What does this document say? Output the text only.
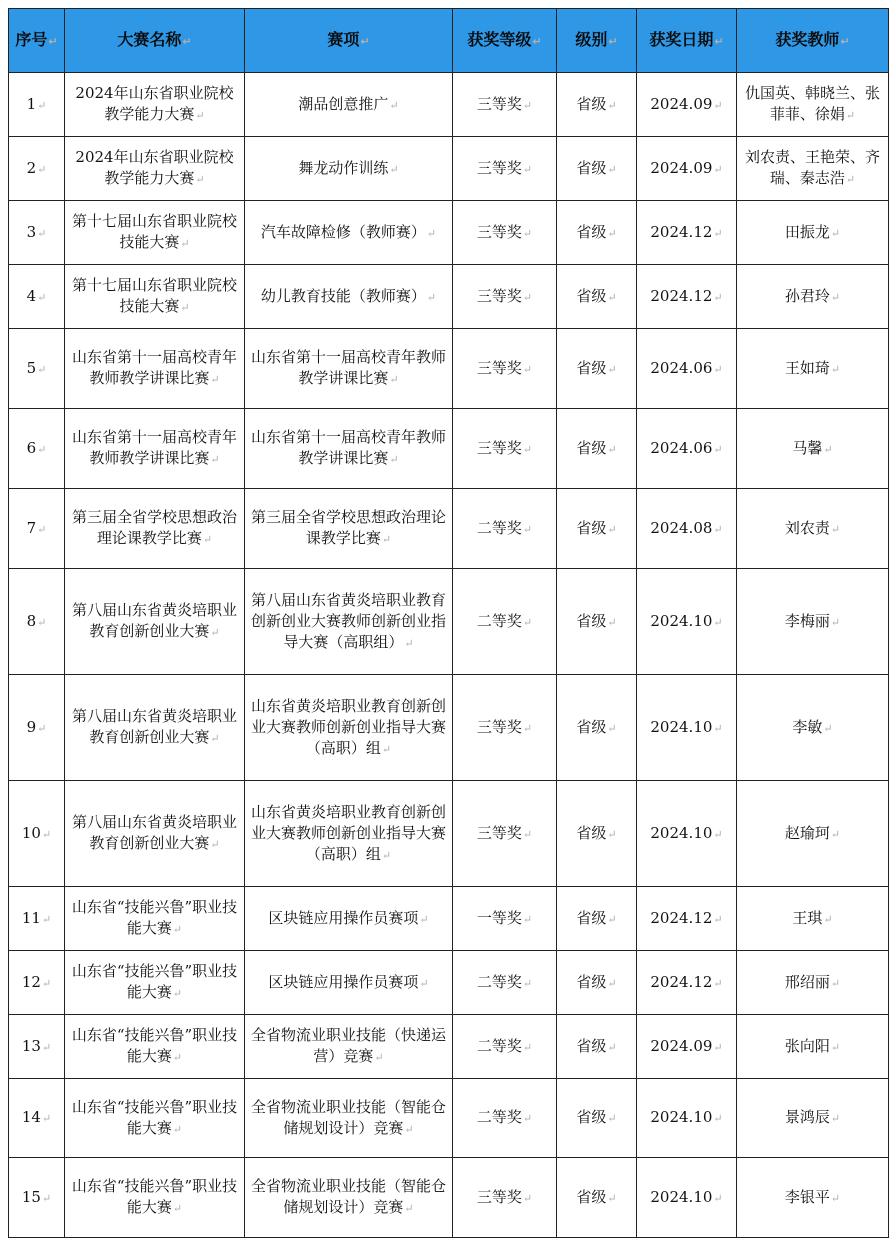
序号↵	大赛名称↵	赛项↵	获奖等级↵	级别↵	获奖日期↵	获奖教师↵
1↵	2024年山东省职业院校教学能力大赛↵	潮品创意推广↵	三等奖↵	省级↵	2024.09↵	仇国英、韩晓兰、张菲菲、徐娟↵
2↵	2024年山东省职业院校教学能力大赛↵	舞龙动作训练↵	三等奖↵	省级↵	2024.09↵	刘农责、王艳荣、齐瑞、秦志浩↵
3↵	第十七届山东省职业院校技能大赛↵	汽车故障检修（教师赛）↵	三等奖↵	省级↵	2024.12↵	田振龙↵
4↵	第十七届山东省职业院校技能大赛↵	幼儿教育技能（教师赛）↵	三等奖↵	省级↵	2024.12↵	孙君玲↵
5↵	山东省第十一届高校青年教师教学讲课比赛↵	山东省第十一届高校青年教师教学讲课比赛↵	三等奖↵	省级↵	2024.06↵	王如琦↵
6↵	山东省第十一届高校青年教师教学讲课比赛↵	山东省第十一届高校青年教师教学讲课比赛↵	三等奖↵	省级↵	2024.06↵	马馨↵
7↵	第三届全省学校思想政治理论课教学比赛↵	第三届全省学校思想政治理论课教学比赛↵	二等奖↵	省级↵	2024.08↵	刘农责↵
8↵	第八届山东省黄炎培职业教育创新创业大赛↵	第八届山东省黄炎培职业教育创新创业大赛教师创新创业指导大赛（高职组）↵	二等奖↵	省级↵	2024.10↵	李梅丽↵
9↵	第八届山东省黄炎培职业教育创新创业大赛↵	山东省黄炎培职业教育创新创业大赛教师创新创业指导大赛（高职）组↵	三等奖↵	省级↵	2024.10↵	李敏↵
10↵	第八届山东省黄炎培职业教育创新创业大赛↵	山东省黄炎培职业教育创新创业大赛教师创新创业指导大赛（高职）组↵	三等奖↵	省级↵	2024.10↵	赵瑜珂↵
11↵	山东省“技能兴鲁”职业技能大赛↵	区块链应用操作员赛项↵	一等奖↵	省级↵	2024.12↵	王琪↵
12↵	山东省“技能兴鲁”职业技能大赛↵	区块链应用操作员赛项↵	二等奖↵	省级↵	2024.12↵	邢绍丽↵
13↵	山东省“技能兴鲁”职业技能大赛↵	全省物流业职业技能（快递运营）竞赛↵	二等奖↵	省级↵	2024.09↵	张向阳↵
14↵	山东省“技能兴鲁”职业技能大赛↵	全省物流业职业技能（智能仓储规划设计）竞赛↵	二等奖↵	省级↵	2024.10↵	景鸿辰↵
15↵	山东省“技能兴鲁”职业技能大赛↵	全省物流业职业技能（智能仓储规划设计）竞赛↵	三等奖↵	省级↵	2024.10↵	李银平↵
